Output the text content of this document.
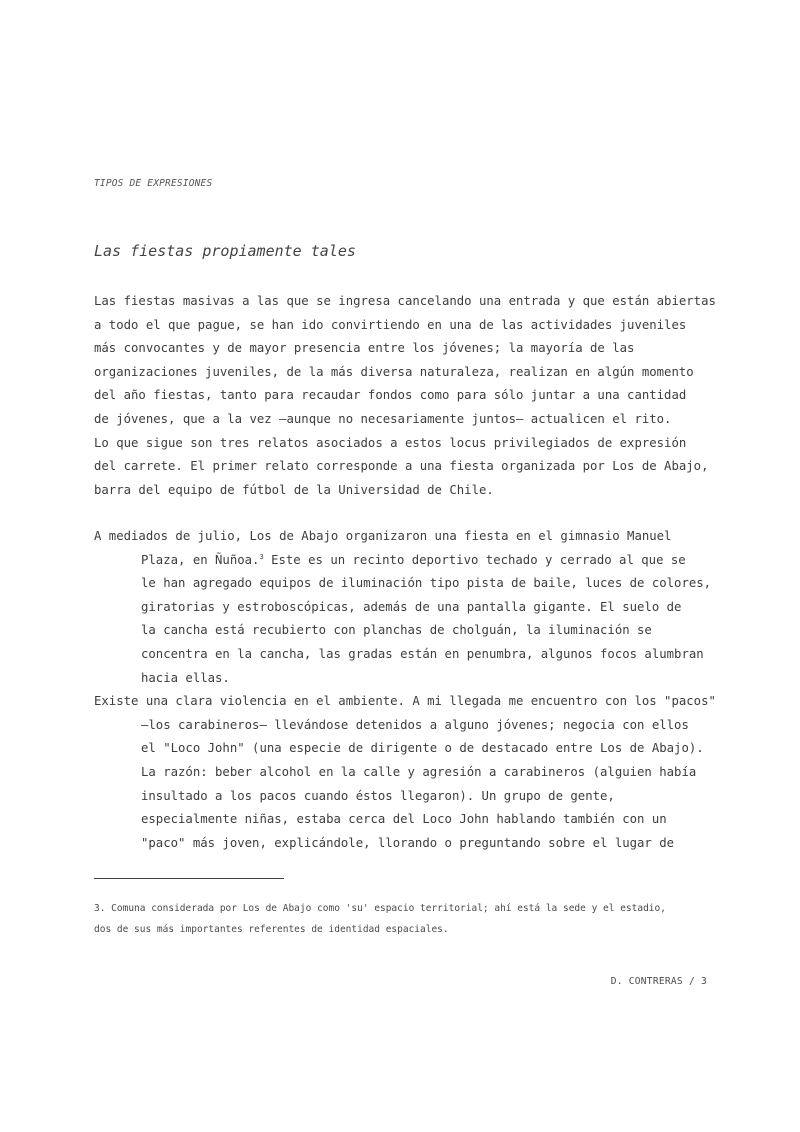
TIPOS DE EXPRESIONES
Las fiestas propiamente tales
Las fiestas masivas a las que se ingresa cancelando una entrada y que están abiertas
a todo el que pague, se han ido convirtiendo en una de las actividades juveniles
más convocantes y de mayor presencia entre los jóvenes; la mayoría de las
organizaciones juveniles, de la más diversa naturaleza, realizan en algún momento
del año fiestas, tanto para recaudar fondos como para sólo juntar a una cantidad
de jóvenes, que a la vez —aunque no necesariamente juntos— actualicen el rito.
Lo que sigue son tres relatos asociados a estos locus privilegiados de expresión
del carrete. El primer relato corresponde a una fiesta organizada por Los de Abajo,
barra del equipo de fútbol de la Universidad de Chile.
A mediados de julio, Los de Abajo organizaron una fiesta en el gimnasio Manuel
Plaza, en Ñuñoa.$^3$ Este es un recinto deportivo techado y cerrado al que se
le han agregado equipos de iluminación tipo pista de baile, luces de colores,
giratorias y estroboscópicas, además de una pantalla gigante. El suelo de
la cancha está recubierto con planchas de cholguán, la iluminación se
concentra en la cancha, las gradas están en penumbra, algunos focos alumbran
hacia ellas.
Existe una clara violencia en el ambiente. A mi llegada me encuentro con los "pacos"
—los carabineros— llevándose detenidos a alguno jóvenes; negocia con ellos
el "Loco John" (una especie de dirigente o de destacado entre Los de Abajo).
La razón: beber alcohol en la calle y agresión a carabineros (alguien había
insultado a los pacos cuando éstos llegaron). Un grupo de gente,
especialmente niñas, estaba cerca del Loco John hablando también con un
"paco" más joven, explicándole, llorando o preguntando sobre el lugar de
3. Comuna considerada por Los de Abajo como 'su' espacio territorial; ahí está la sede y el estadio,
dos de sus más importantes referentes de identidad espaciales.
D. CONTRERAS / 3
